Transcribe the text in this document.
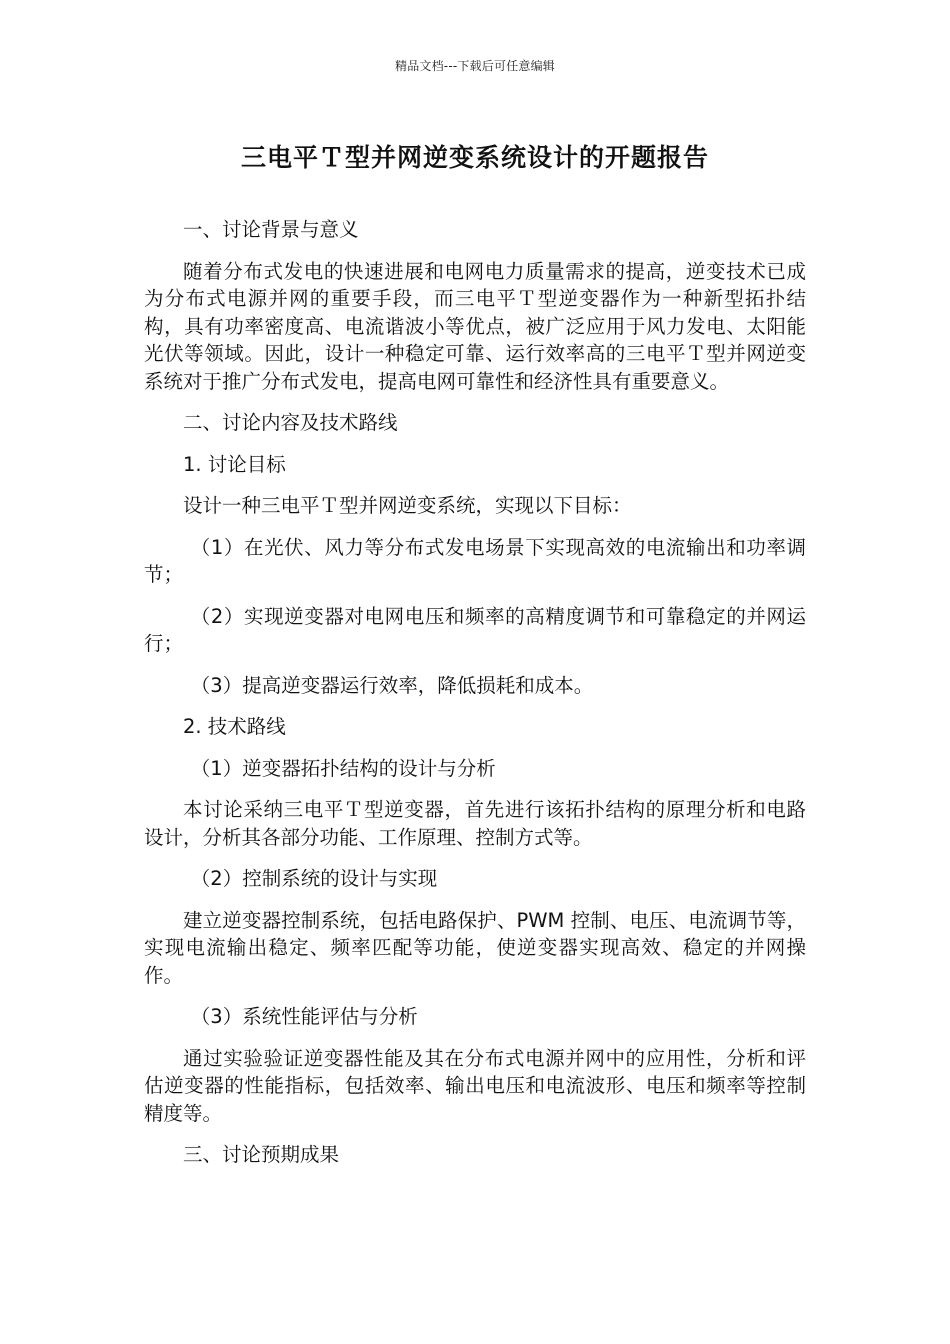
精品文档---下载后可任意编辑
三电平Ｔ型并网逆变系统设计的开题报告

一、讨论背景与意义

随着分布式发电的快速进展和电网电力质量需求的提高，逆变技术已成为分布式电源并网的重要手段，而三电平Ｔ型逆变器作为一种新型拓扑结构，具有功率密度高、电流谐波小等优点，被广泛应用于风力发电、太阳能光伏等领域。因此，设计一种稳定可靠、运行效率高的三电平Ｔ型并网逆变系统对于推广分布式发电，提高电网可靠性和经济性具有重要意义。

二、讨论内容及技术路线

1. 讨论目标

设计一种三电平Ｔ型并网逆变系统，实现以下目标：

（1）在光伏、风力等分布式发电场景下实现高效的电流输出和功率调节；

（2）实现逆变器对电网电压和频率的高精度调节和可靠稳定的并网运行；

（3）提高逆变器运行效率，降低损耗和成本。

2. 技术路线

（1）逆变器拓扑结构的设计与分析

本讨论采纳三电平Ｔ型逆变器，首先进行该拓扑结构的原理分析和电路设计，分析其各部分功能、工作原理、控制方式等。

（2）控制系统的设计与实现

建立逆变器控制系统，包括电路保护、PWM 控制、电压、电流调节等，实现电流输出稳定、频率匹配等功能，使逆变器实现高效、稳定的并网操作。

（3）系统性能评估与分析

通过实验验证逆变器性能及其在分布式电源并网中的应用性，分析和评估逆变器的性能指标，包括效率、输出电压和电流波形、电压和频率等控制精度等。

三、讨论预期成果
